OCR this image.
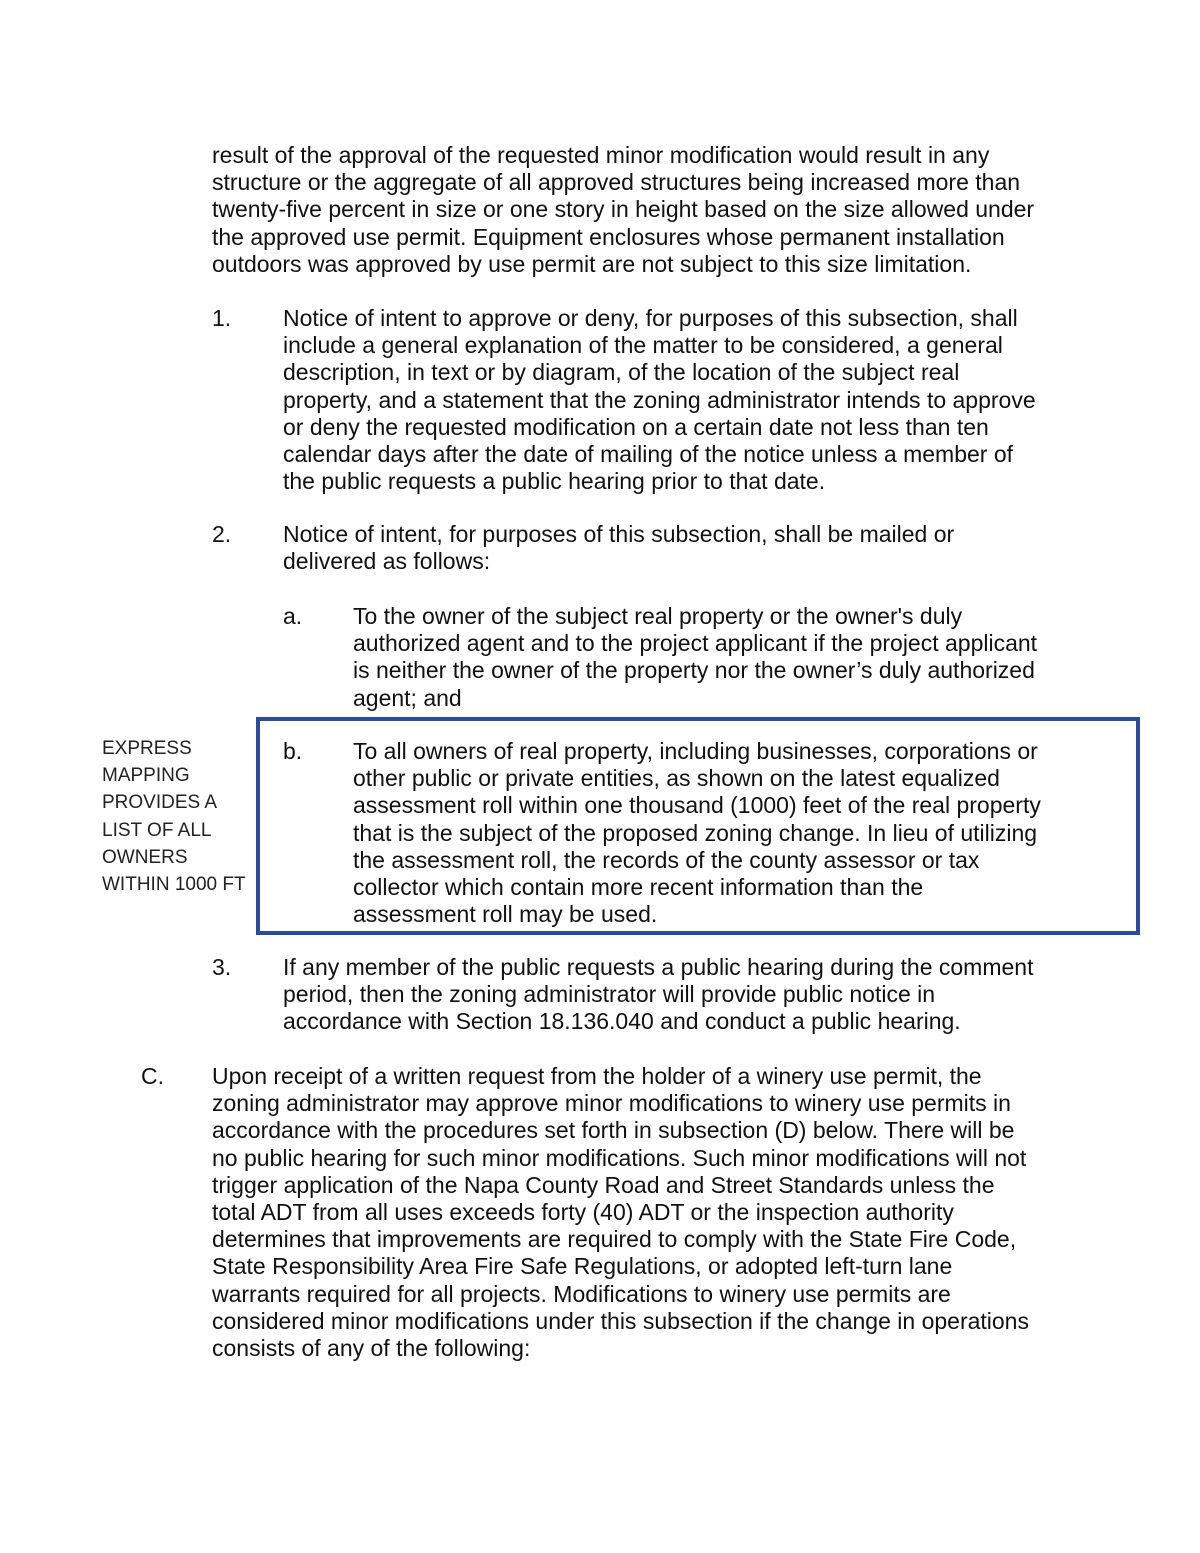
result of the approval of the requested minor modification would result in any
structure or the aggregate of all approved structures being increased more than
twenty-five percent in size or one story in height based on the size allowed under
the approved use permit. Equipment enclosures whose permanent installation
outdoors was approved by use permit are not subject to this size limitation.
1. Notice of intent to approve or deny, for purposes of this subsection, shall
include a general explanation of the matter to be considered, a general
description, in text or by diagram, of the location of the subject real
property, and a statement that the zoning administrator intends to approve
or deny the requested modification on a certain date not less than ten
calendar days after the date of mailing of the notice unless a member of
the public requests a public hearing prior to that date.
2. Notice of intent, for purposes of this subsection, shall be mailed or
delivered as follows:
a. To the owner of the subject real property or the owner's duly
authorized agent and to the project applicant if the project applicant
is neither the owner of the property nor the owner’s duly authorized
agent; and
EXPRESS
MAPPING
PROVIDES A
LIST OF ALL
OWNERS
WITHIN 1000 FT
b. To all owners of real property, including businesses, corporations or
other public or private entities, as shown on the latest equalized
assessment roll within one thousand (1000) feet of the real property
that is the subject of the proposed zoning change. In lieu of utilizing
the assessment roll, the records of the county assessor or tax
collector which contain more recent information than the
assessment roll may be used.
3. If any member of the public requests a public hearing during the comment
period, then the zoning administrator will provide public notice in
accordance with Section 18.136.040 and conduct a public hearing.
C. Upon receipt of a written request from the holder of a winery use permit, the
zoning administrator may approve minor modifications to winery use permits in
accordance with the procedures set forth in subsection (D) below. There will be
no public hearing for such minor modifications. Such minor modifications will not
trigger application of the Napa County Road and Street Standards unless the
total ADT from all uses exceeds forty (40) ADT or the inspection authority
determines that improvements are required to comply with the State Fire Code,
State Responsibility Area Fire Safe Regulations, or adopted left-turn lane
warrants required for all projects. Modifications to winery use permits are
considered minor modifications under this subsection if the change in operations
consists of any of the following:
